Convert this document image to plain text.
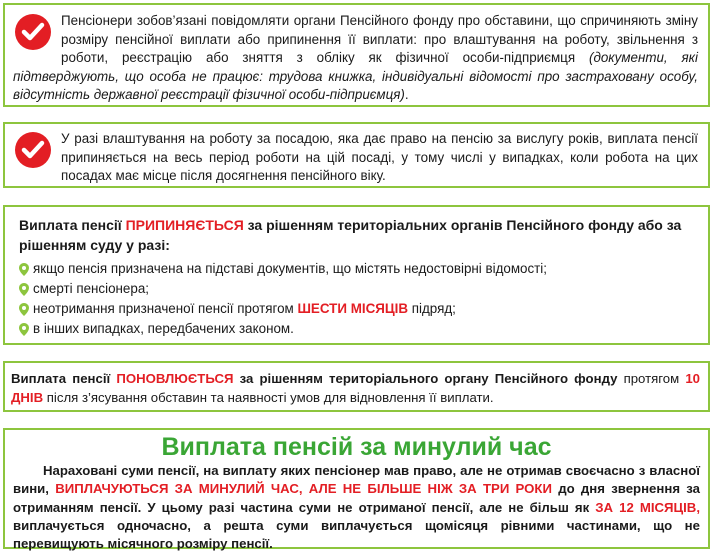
Пенсіонери зобов’язані повідомляти органи Пенсійного фонду про обставини, що спричиняють зміну розміру пенсійної виплати або припинення її виплати: про влаштування на роботу, звільнення з роботи, реєстрацію або зняття з обліку як фізичної особи-підприємця (документи, які підтверджують, що особа не працює: трудова книжка, індивідуальні відомості про застраховану особу, відсутність державної реєстрації фізичної особи-підприємця).

У разі влаштування на роботу за посадою, яка дає право на пенсію за вислугу років, виплата пенсії припиняється на весь період роботи на цій посаді, у тому числі у випадках, коли робота на цих посадах має місце після досягнення пенсійного віку.

Виплата пенсії ПРИПИНЯЄТЬСЯ за рішенням територіальних органів Пенсійного фонду або за рішенням суду у разі:
якщо пенсія призначена на підставі документів, що містять недостовірні відомості;
смерті пенсіонера;
неотримання призначеної пенсії протягом ШЕСТИ МІСЯЦІВ підряд;
в інших випадках, передбачених законом.

Виплата пенсії ПОНОВЛЮЄТЬСЯ за рішенням територіального органу Пенсійного фонду протягом 10 ДНІВ після з’ясування обставин та наявності умов для відновлення її виплати.

Виплата пенсій за минулий час

Нараховані суми пенсії, на виплату яких пенсіонер мав право, але не отримав своєчасно з власної вини, ВИПЛАЧУЮТЬСЯ ЗА МИНУЛИЙ ЧАС, АЛЕ НЕ БІЛЬШЕ НІЖ ЗА ТРИ РОКИ до дня звернення за отриманням пенсії. У цьому разі частина суми не отриманої пенсії, але не більш як ЗА 12 МІСЯЦІВ, виплачується одночасно, а решта суми виплачується щомісяця рівними частинами, що не перевищують місячного розміру пенсії.
